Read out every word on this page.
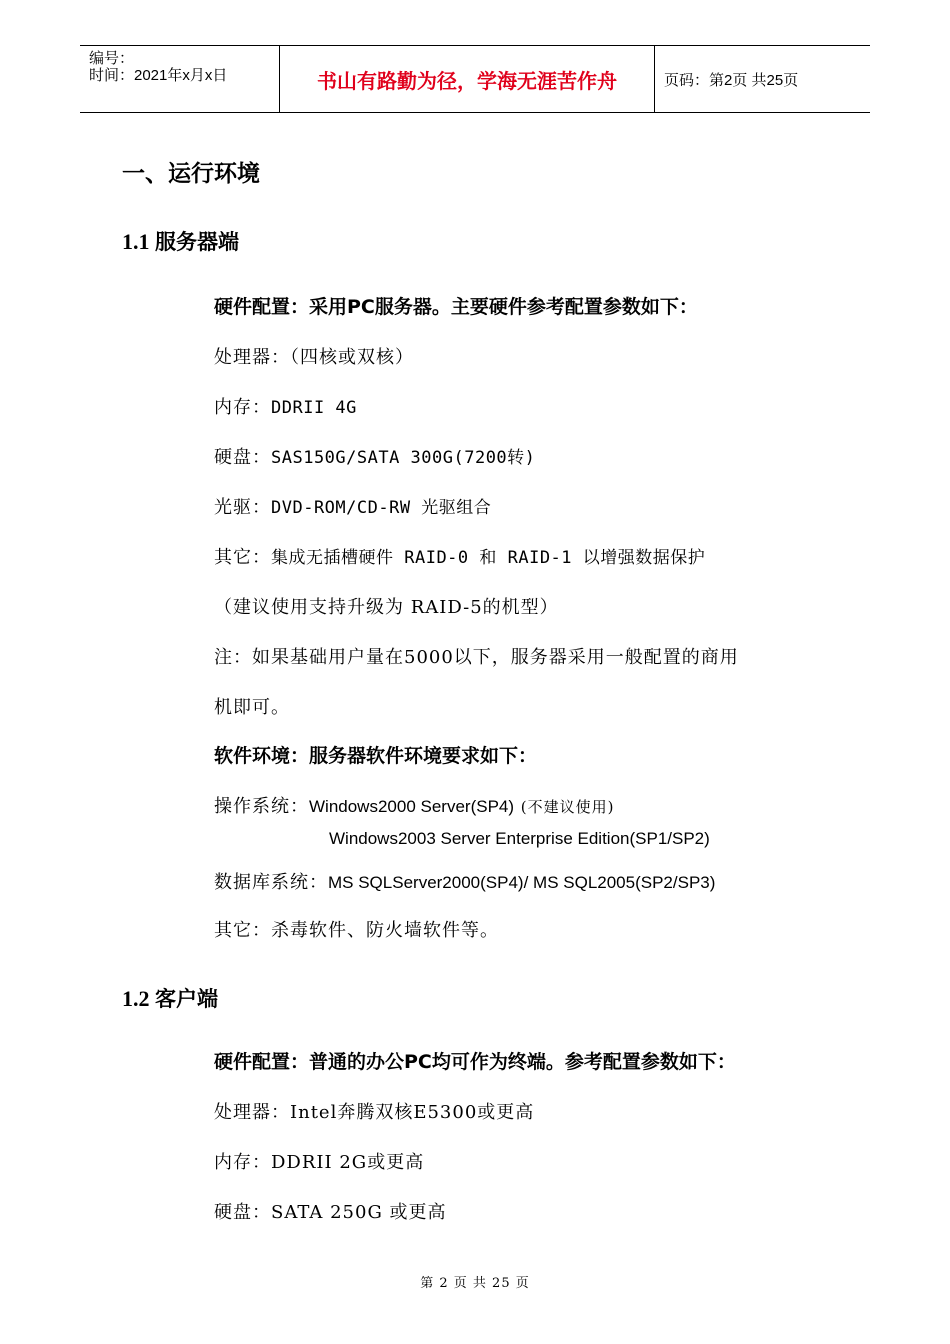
编号：
时间：2021年x月x日	书山有路勤为径，学海无涯苦作舟	页码：第2页 共25页
一、运行环境
1.1 服务器端
硬件配置：采用PC服务器。主要硬件参考配置参数如下：
处理器：（四核或双核）
内存：DDRII 4G
硬盘：SAS150G/SATA 300G(7200转)
光驱：DVD-ROM/CD-RW 光驱组合
其它：集成无插槽硬件 RAID-0 和 RAID-1 以增强数据保护
（建议使用支持升级为 RAID-5的机型）
注：如果基础用户量在5000以下，服务器采用一般配置的商用
机即可。
软件环境：服务器软件环境要求如下：
操作系统：Windows2000 Server(SP4) (不建议使用)
Windows2003 Server Enterprise Edition(SP1/SP2)
数据库系统：MS SQLServer2000(SP4)/ MS SQL2005(SP2/SP3)
其它：杀毒软件、防火墙软件等。
1.2 客户端
硬件配置：普通的办公PC均可作为终端。参考配置参数如下：
处理器：Intel奔腾双核E5300或更高
内存：DDRII 2G或更高
硬盘：SATA 250G 或更高
第 2 页 共 25 页
